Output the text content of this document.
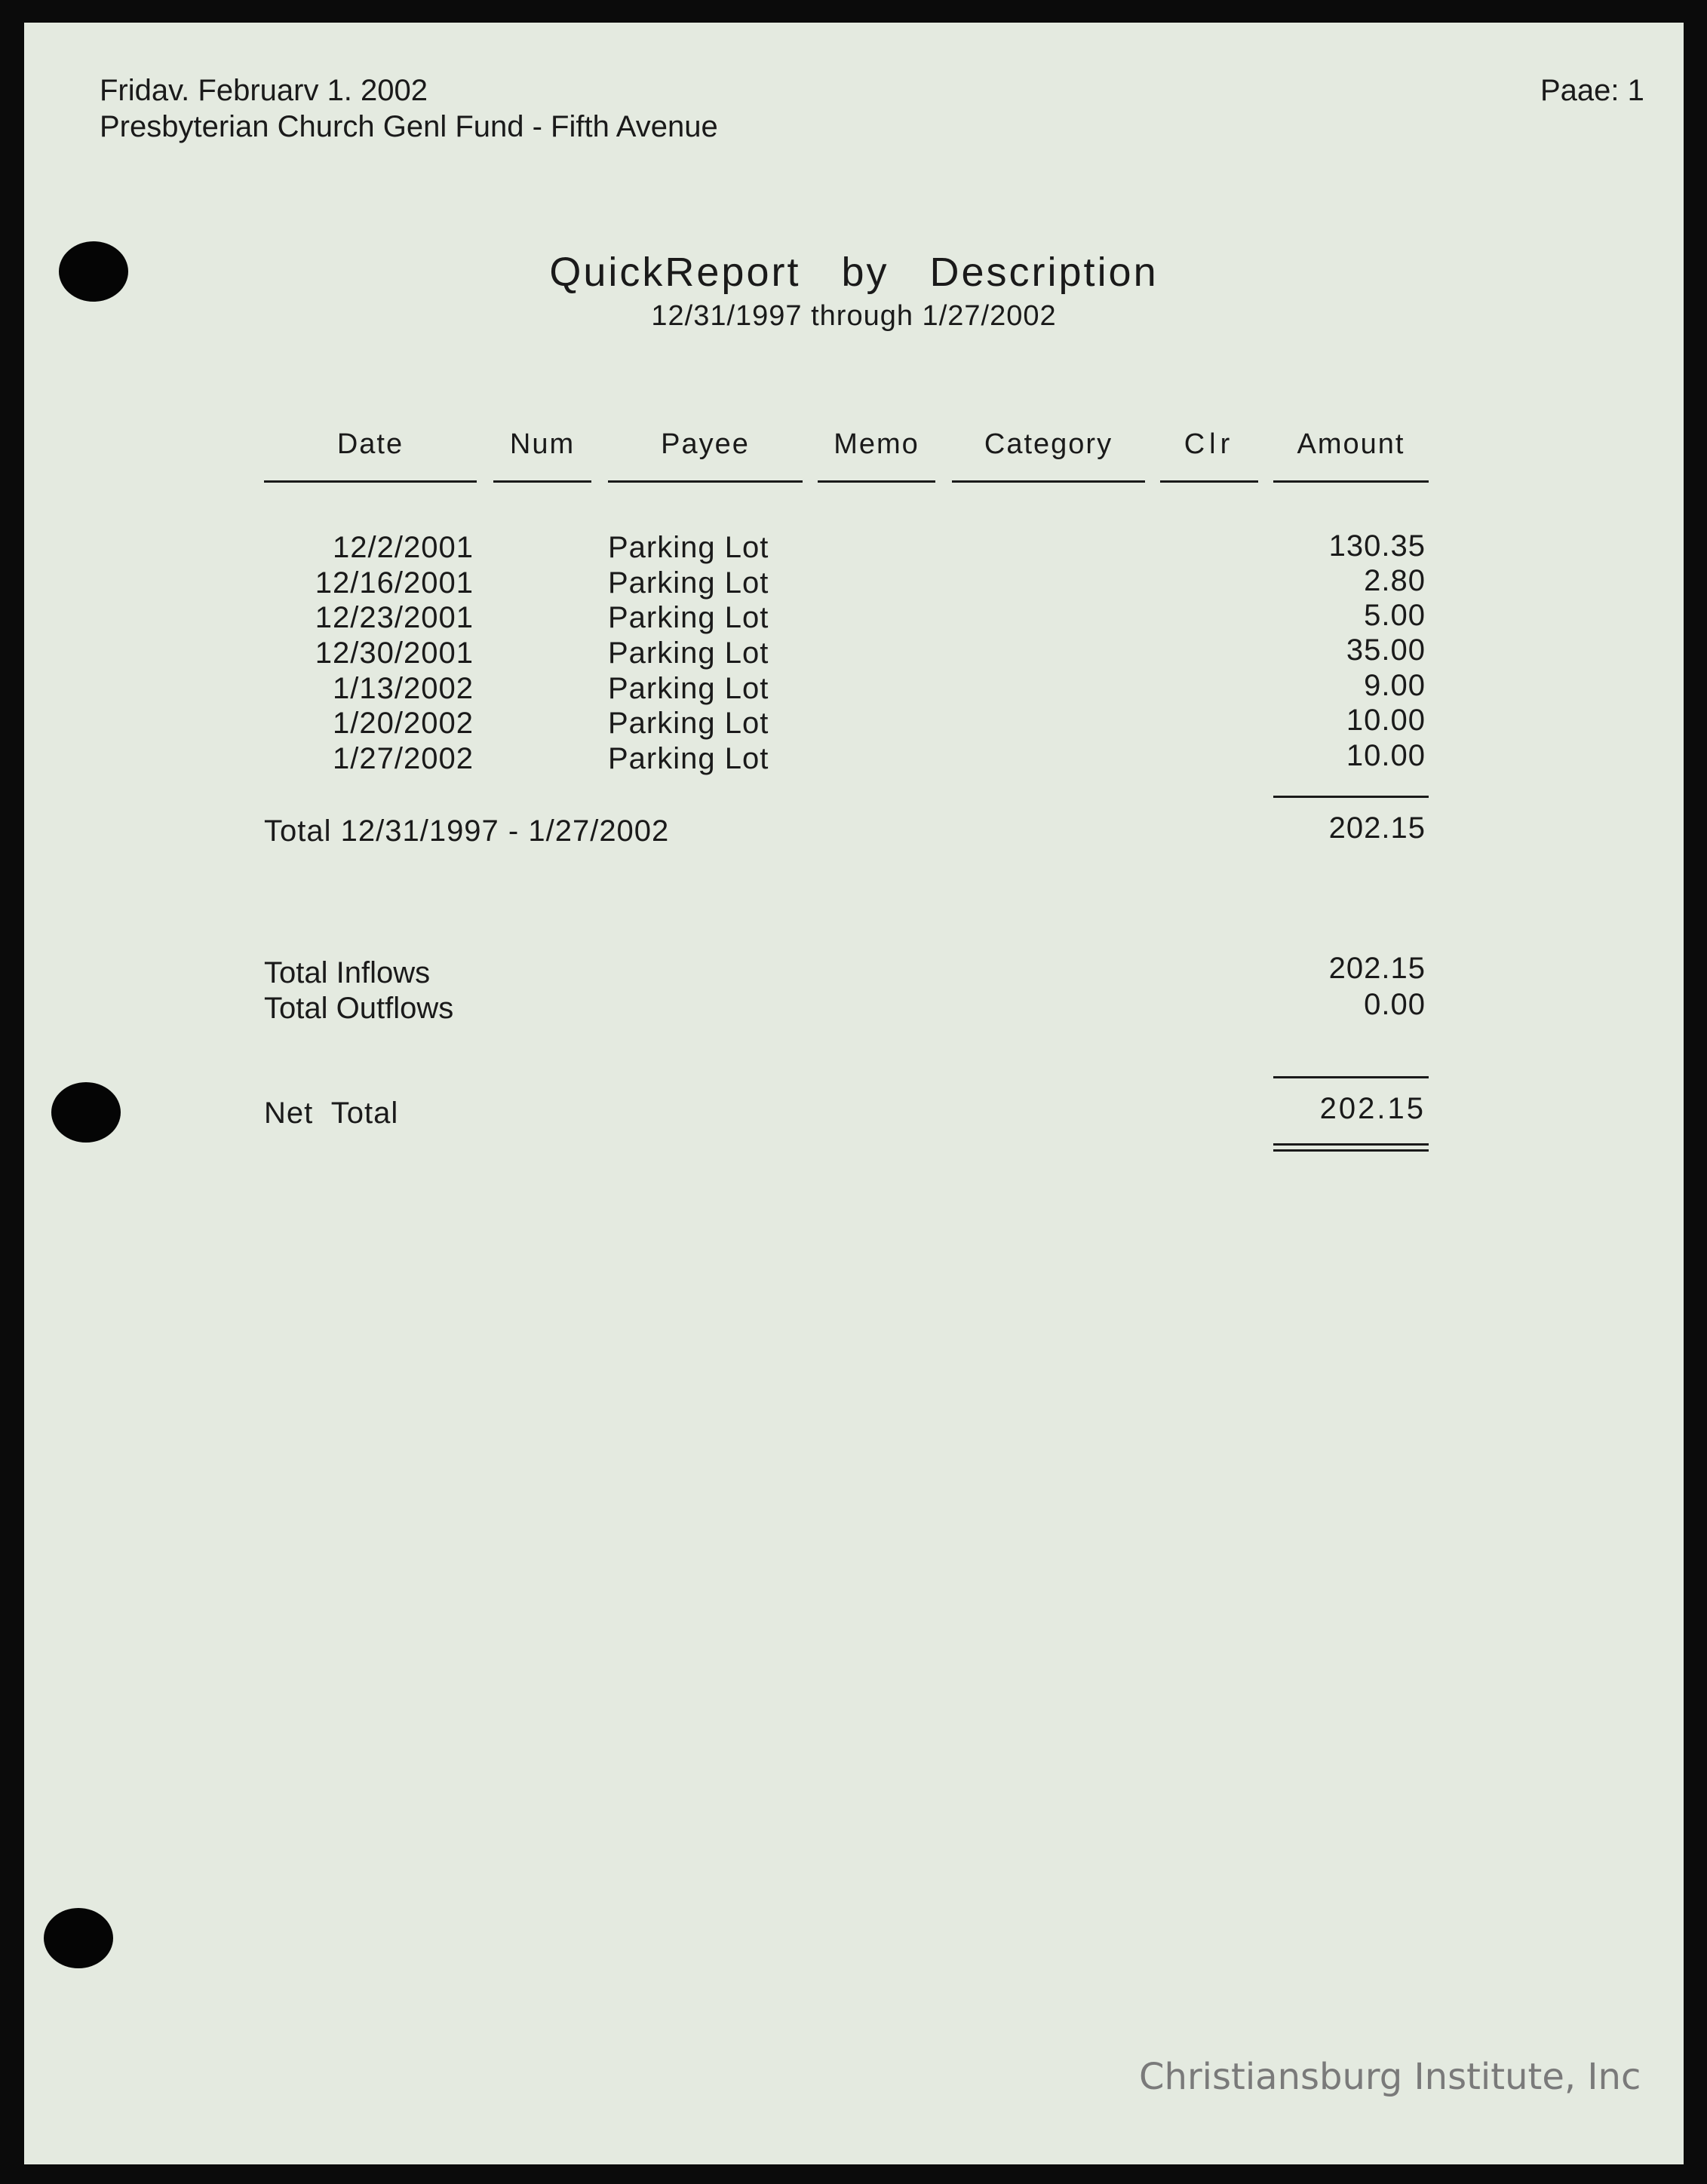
Fridav. Februarv 1. 2002
Presbyterian Church Genl Fund - Fifth Avenue
Paae: 1
QuickReport   by   Description
12/31/1997 through 1/27/2002
Date	Num	Payee	Memo	Category	Clr	Amount
12/2/2001	Parking Lot	130.35
12/16/2001	Parking Lot	2.80
12/23/2001	Parking Lot	5.00
12/30/2001	Parking Lot	35.00
1/13/2002	Parking Lot	9.00
1/20/2002	Parking Lot	10.00
1/27/2002	Parking Lot	10.00
Total 12/31/1997 - 1/27/2002	202.15
Total Inflows	202.15
Total Outflows	0.00
Net  Total	202.15
Christiansburg Institute, Inc
